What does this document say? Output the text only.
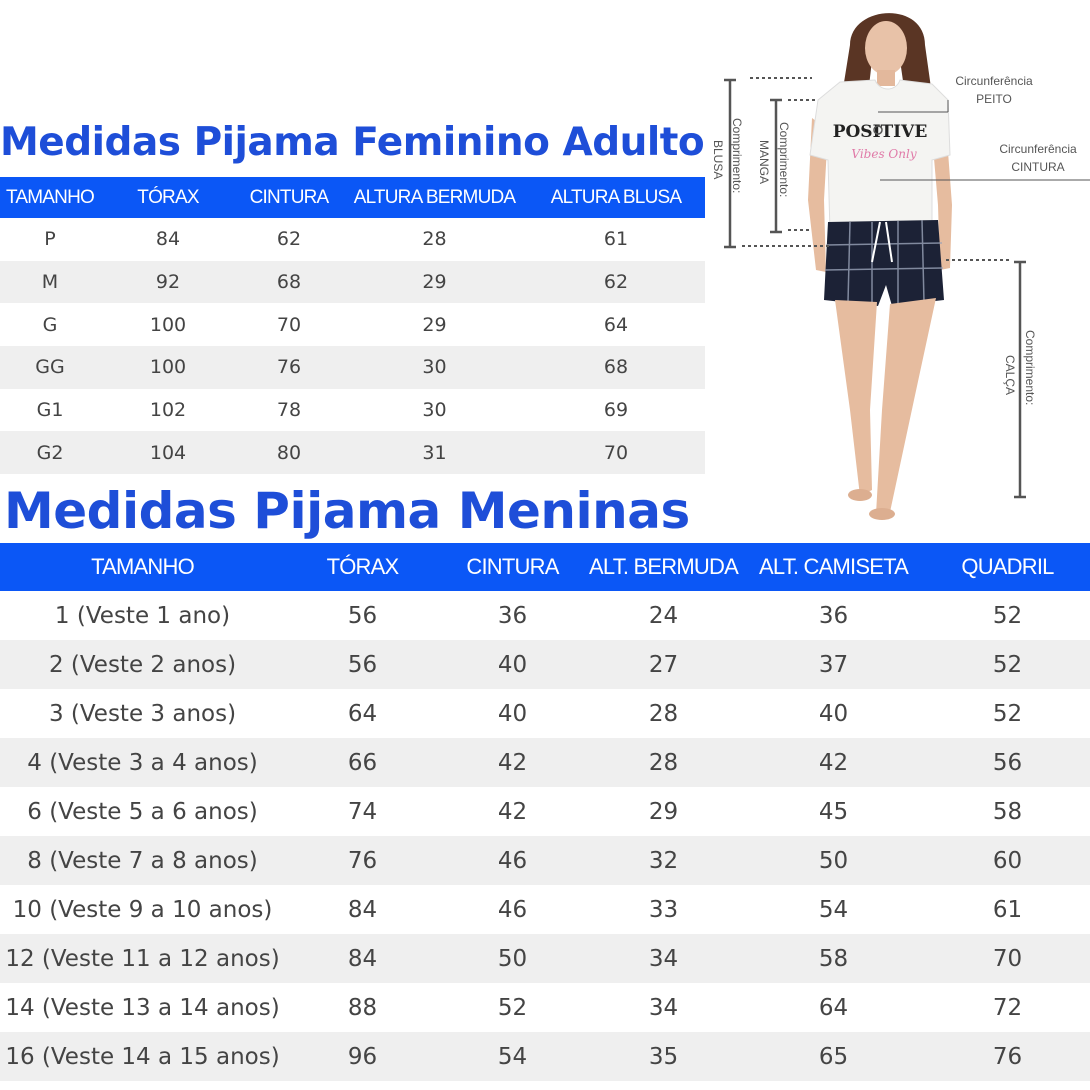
Medidas Pijama Feminino Adulto
TAMANHO	TÓRAX	CINTURA	ALTURA BERMUDA	ALTURA BLUSA
P	84	62	28	61
M	92	68	29	62
G	100	70	29	64
GG	100	76	30	68
G1	102	78	30	69
G2	104	80	31	70
POSITIVE
Vibes Only
Circunferência
PEITO
Circunferência
CINTURA
Comprimento:
BLUSA	Comprimento:
MANGA
Comprimento:
CALÇA
Medidas Pijama Meninas
TAMANHO	TÓRAX	CINTURA	ALT. BERMUDA	ALT. CAMISETA	QUADRIL
1 (Veste 1 ano)	56	36	24	36	52
2 (Veste 2 anos)	56	40	27	37	52
3 (Veste 3 anos)	64	40	28	40	52
4 (Veste 3 a 4 anos)	66	42	28	42	56
6 (Veste 5 a 6 anos)	74	42	29	45	58
8 (Veste 7 a 8 anos)	76	46	32	50	60
10 (Veste 9 a 10 anos)	84	46	33	54	61
12 (Veste 11 a 12 anos)	84	50	34	58	70
14 (Veste 13 a 14 anos)	88	52	34	64	72
16 (Veste 14 a 15 anos)	96	54	35	65	76
